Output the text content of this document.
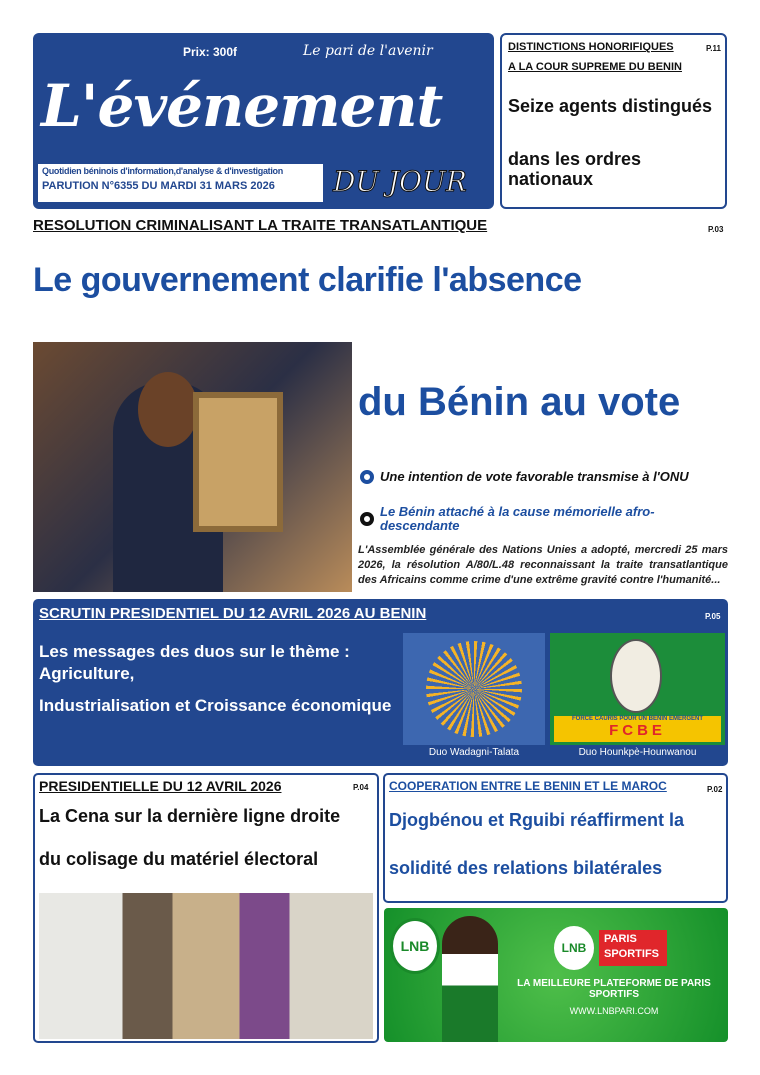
Prix: 300f	Le pari de l'avenir
L'événement
Quotidien béninois d'information,d'analyse & d'investigation
PARUTION N°6355 DU MARDI 31 MARS 2026	DU JOUR
DISTINCTIONS HONORIFIQUES	P.11
A LA COUR SUPREME DU BENIN
Seize agents distingués
dans les ordres nationaux
RESOLUTION CRIMINALISANT LA TRAITE TRANSATLANTIQUE	P.03
Le gouvernement clarifie l'absence
du Bénin au vote
Une intention de vote favorable transmise à l'ONU
Le Bénin attaché à la cause mémorielle afro-descendante
L'Assemblée générale des Nations Unies a adopté, mercredi 25 mars 2026, la résolution A/80/L.48 reconnaissant la traite transatlantique des Africains comme crime d'une extrême gravité contre l'humanité...
SCRUTIN PRESIDENTIEL DU 12 AVRIL 2026 AU BENIN	P.05
Les messages des duos sur le thème : Agriculture,
Industrialisation et Croissance économique
Duo Wadagni-Talata
FORCE CAURIS POUR UN BENIN EMERGENT
FCBE
Duo Hounkpè-Hounwanou
PRESIDENTIELLE DU 12 AVRIL 2026	P.04
La Cena sur la dernière ligne droite
du colisage du matériel électoral
COOPERATION ENTRE LE BENIN ET LE MAROC	P.02
Djogbénou et Rguibi réaffirment la
solidité des relations bilatérales
LNB	LNB
PARIS
SPORTIFS
LA MEILLEURE PLATEFORME DE PARIS SPORTIFS
WWW.LNBPARI.COM
